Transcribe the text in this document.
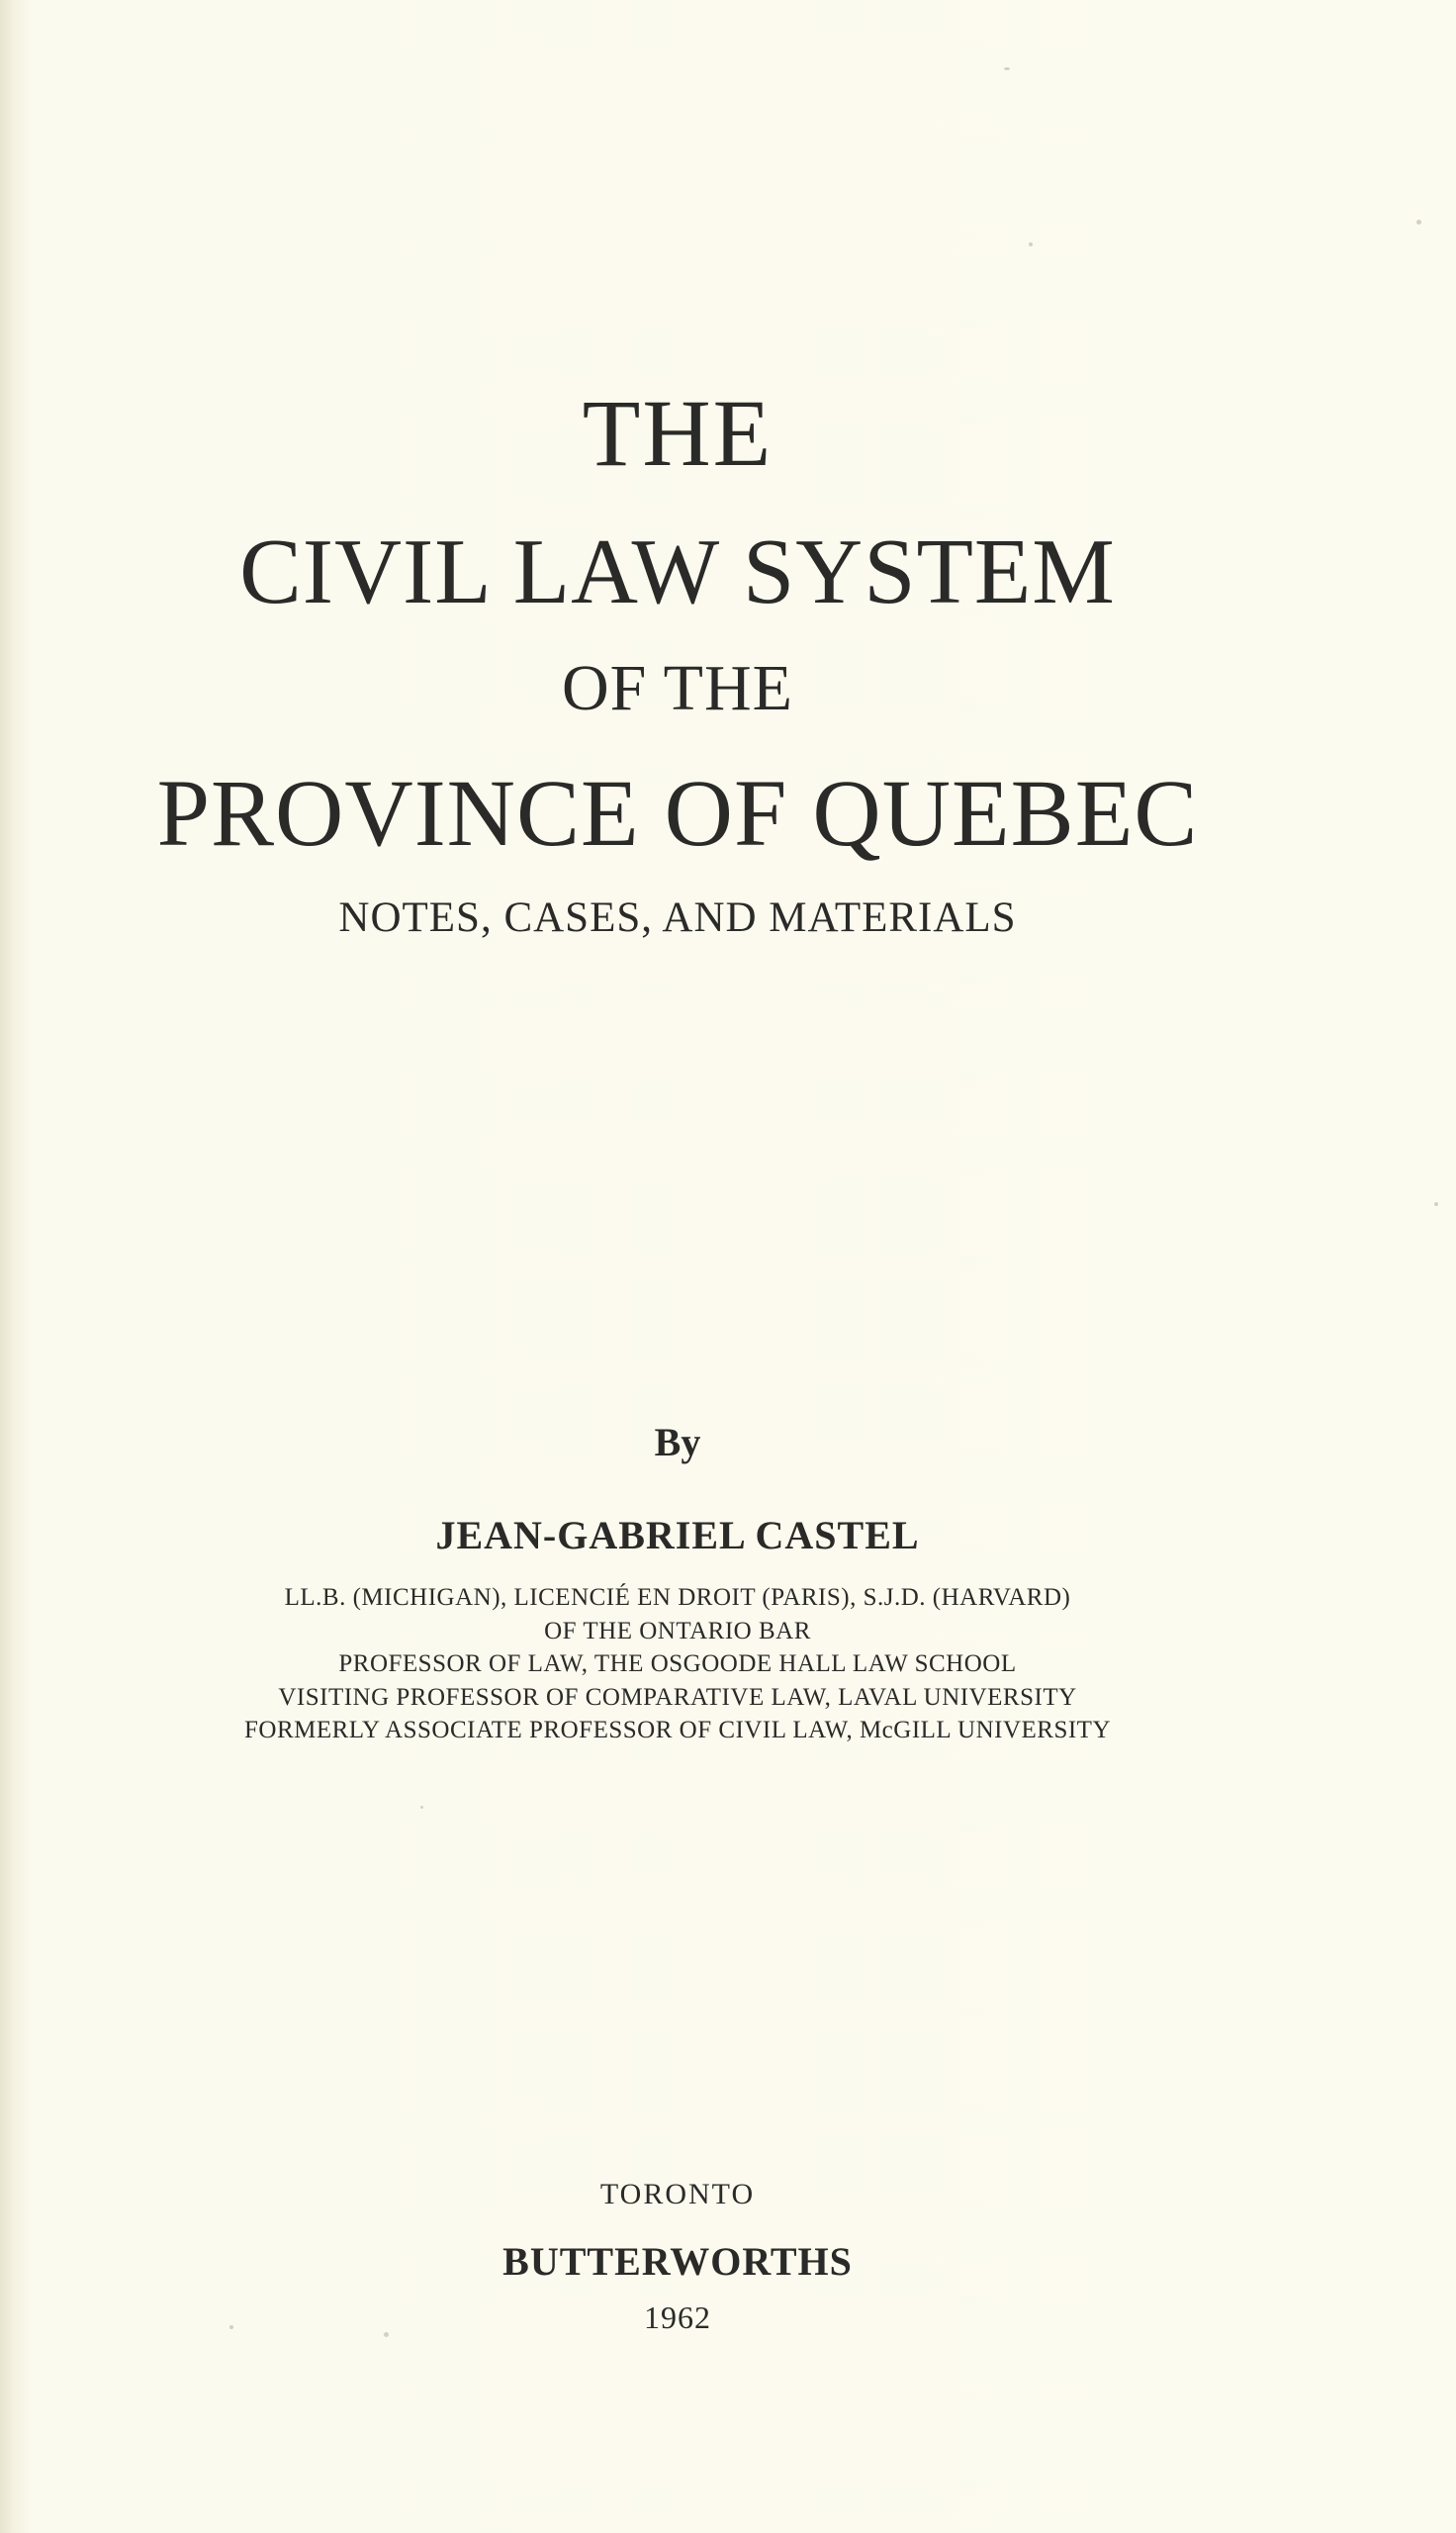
THE
CIVIL LAW SYSTEM
OF THE
PROVINCE OF QUEBEC
NOTES, CASES, AND MATERIALS
By
JEAN-GABRIEL CASTEL
LL.B. (MICHIGAN), LICENCIÉ EN DROIT (PARIS), S.J.D. (HARVARD)
OF THE ONTARIO BAR
PROFESSOR OF LAW, THE OSGOODE HALL LAW SCHOOL
VISITING PROFESSOR OF COMPARATIVE LAW, LAVAL UNIVERSITY
FORMERLY ASSOCIATE PROFESSOR OF CIVIL LAW, McGILL UNIVERSITY
TORONTO
BUTTERWORTHS
1962
